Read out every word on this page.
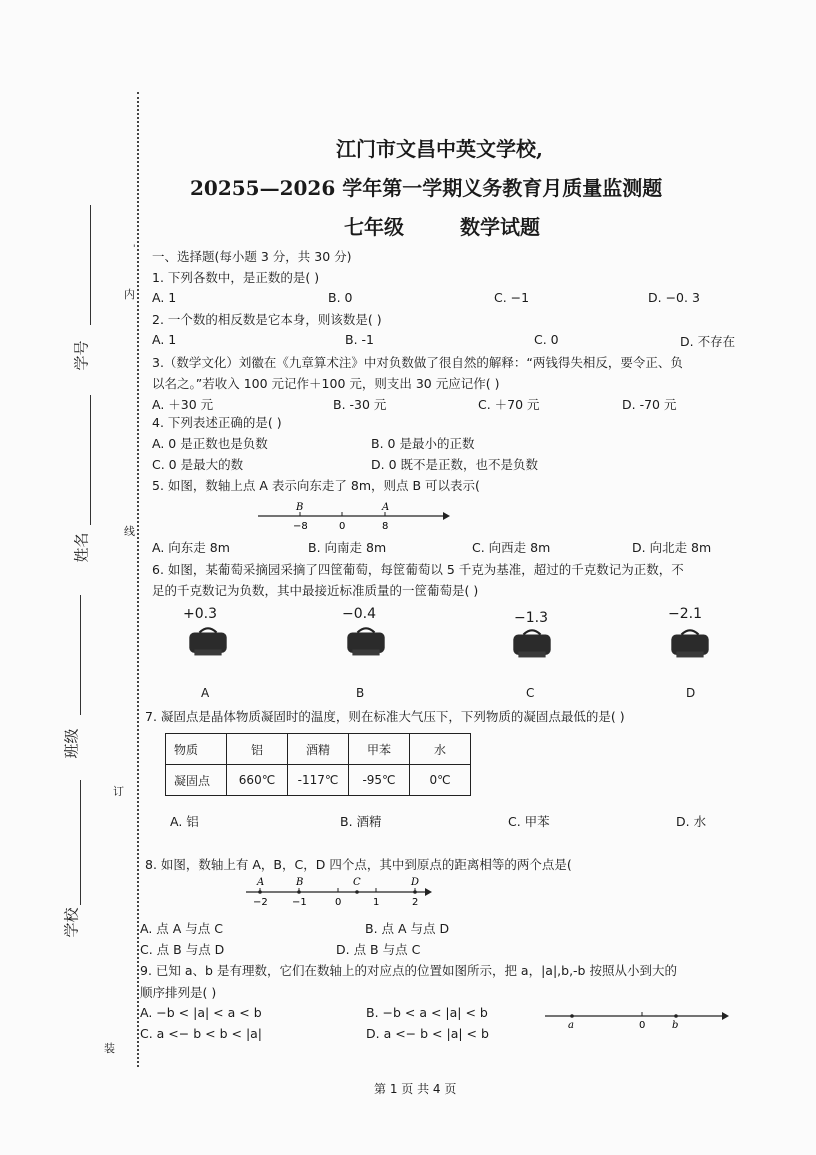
'
内
线
订
装
学号
姓名
班级
学校
江门市文昌中英文学校,
20255—2026 学年第一学期义务教育月质量监测题
七年级	数学试题
一、选择题(每小题 3 分，共 30 分)
1. 下列各数中，是正数的是( )
A. 1	B. 0	C. −1	D. −0. 3
2. 一个数的相反数是它本身，则该数是( )
A. 1	B. -1	C. 0	D. 不存在
3.（数学文化）刘徽在《九章算术注》中对负数做了很自然的解释：“两钱得失相反，要令正、负
以名之。”若收入 100 元记作＋100 元，则支出 30 元应记作( )
A. ＋30 元	B. -30 元	C. ＋70 元	D. -70 元
4. 下列表述正确的是( )
A. 0 是正数也是负数	B. 0 是最小的正数
C. 0 是最大的数	D. 0 既不是正数，也不是负数
5. 如图，数轴上点 A 表示向东走了 8m，则点 B 可以表示(
B	A
−8	0	8
A. 向东走 8m	B. 向南走 8m	C. 向西走 8m	D. 向北走 8m
6. 如图，某葡萄采摘园采摘了四筐葡萄，每筐葡萄以 5 千克为基准，超过的千克数记为正数，不
足的千克数记为负数，其中最接近标准质量的一筐葡萄是( )
+0.3	−0.4	−1.3	−2.1
A	B	C	D
7. 凝固点是晶体物质凝固时的温度，则在标准大气压下，下列物质的凝固点最低的是( )
物质	铝	酒精	甲苯	水
凝固点	660℃	-117℃	-95℃	0℃
A. 铝	B. 酒精	C. 甲苯	D. 水
8. 如图，数轴上有 A，B，C，D 四个点，其中到原点的距离相等的两个点是(
A	B	C	D
−2 −1	0	1	2
A. 点 A 与点 C	B. 点 A 与点 D
C. 点 B 与点 D	D. 点 B 与点 C
9. 已知 a、b 是有理数，它们在数轴上的对应点的位置如图所示，把 a，|a|,b,-b 按照从小到大的
顺序排列是( )
A. −b < |a| < a < b	B. −b < a < |a| < b
C. a <− b < b < |a|	D. a <− b < |a| < b
a	0	b
第 1 页 共 4 页
